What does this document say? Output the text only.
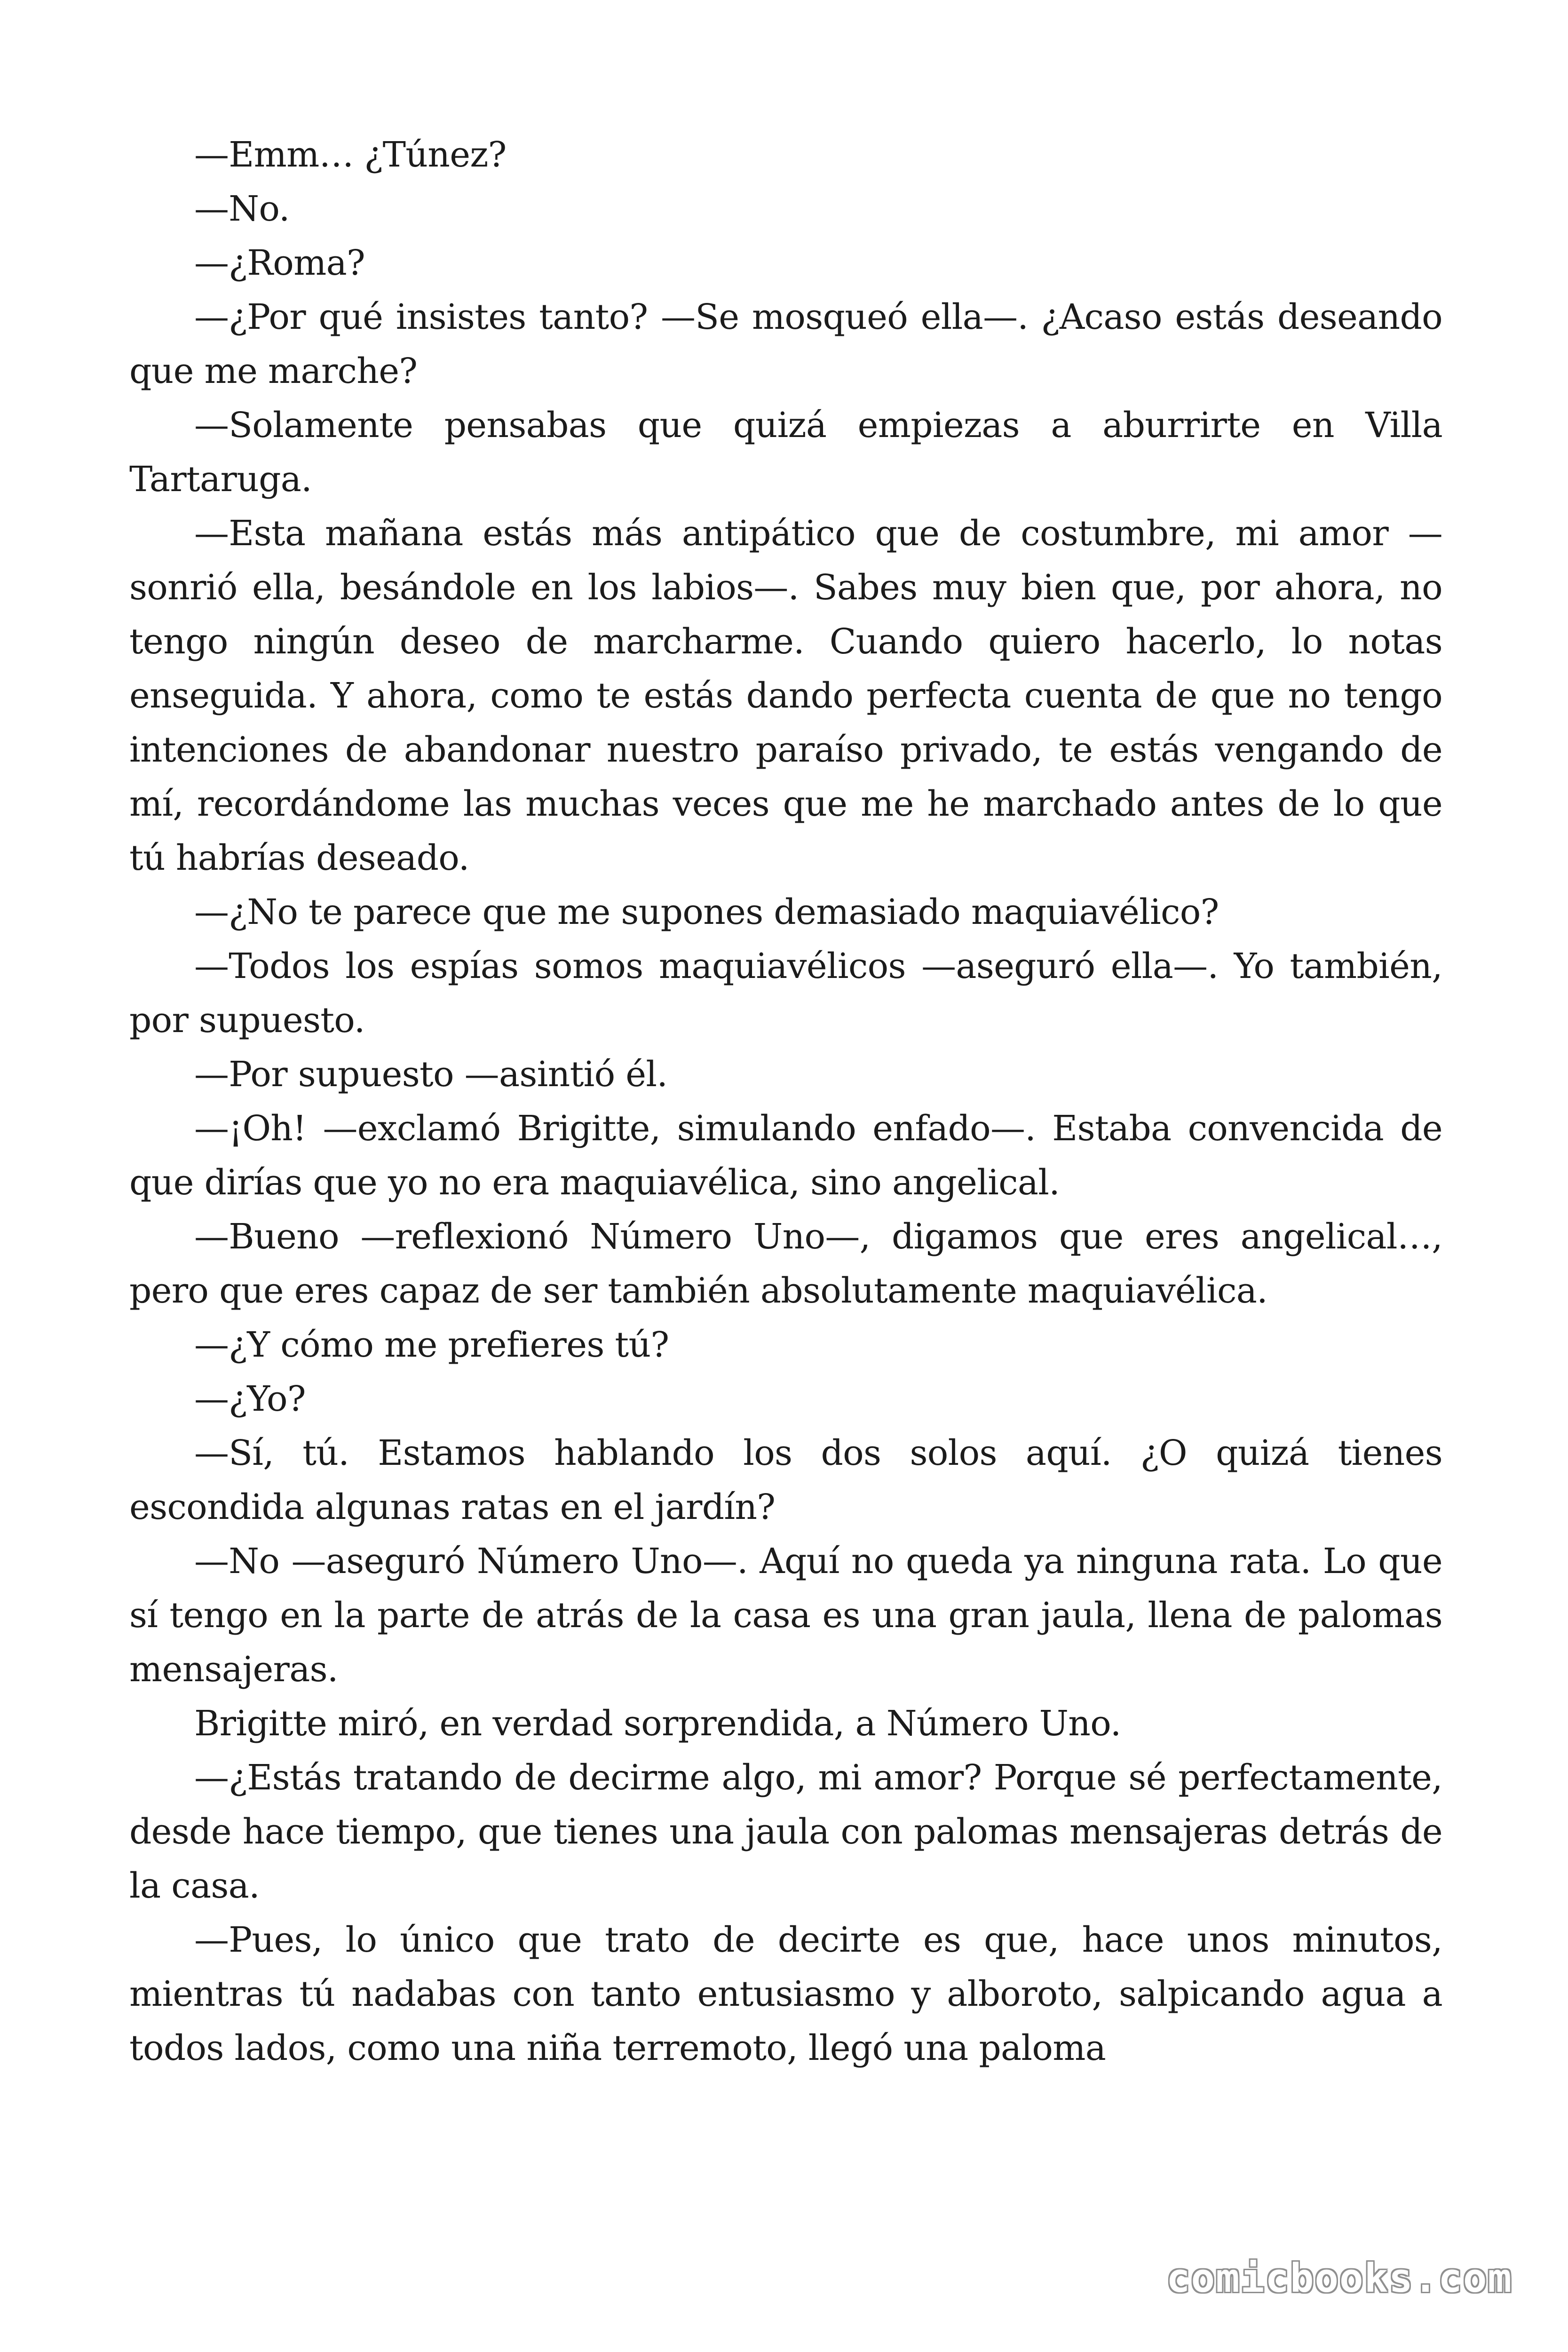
—Emm… ¿Túnez?

—No.

—¿Roma?

—¿Por qué insistes tanto? —Se mosqueó ella—. ¿Acaso estás deseando que me marche?

—Solamente pensabas que quizá empiezas a aburrirte en Villa Tartaruga.

—Esta mañana estás más antipático que de costumbre, mi amor —sonrió ella, besándole en los labios—. Sabes muy bien que, por ahora, no tengo ningún deseo de marcharme. Cuando quiero hacerlo, lo notas enseguida. Y ahora, como te estás dando perfecta cuenta de que no tengo intenciones de abandonar nuestro paraíso privado, te estás vengando de mí, recordándome las muchas veces que me he marchado antes de lo que tú habrías deseado.

—¿No te parece que me supones demasiado maquiavélico?

—Todos los espías somos maquiavélicos —aseguró ella—. Yo también, por supuesto.

—Por supuesto —asintió él.

—¡Oh! —exclamó Brigitte, simulando enfado—. Estaba convencida de que dirías que yo no era maquiavélica, sino angelical.

—Bueno —reflexionó Número Uno—, digamos que eres angelical…, pero que eres capaz de ser también absolutamente maquiavélica.

—¿Y cómo me prefieres tú?

—¿Yo?

—Sí, tú. Estamos hablando los dos solos aquí. ¿O quizá tienes escondida algunas ratas en el jardín?

—No —aseguró Número Uno—. Aquí no queda ya ninguna rata. Lo que sí tengo en la parte de atrás de la casa es una gran jaula, llena de palomas mensajeras.

Brigitte miró, en verdad sorprendida, a Número Uno.

—¿Estás tratando de decirme algo, mi amor? Porque sé perfectamente, desde hace tiempo, que tienes una jaula con palomas mensajeras detrás de la casa.

—Pues, lo único que trato de decirte es que, hace unos minutos, mientras tú nadabas con tanto entusiasmo y alboroto, salpicando agua a todos lados, como una niña terremoto, llegó una paloma

comicbooks.com
